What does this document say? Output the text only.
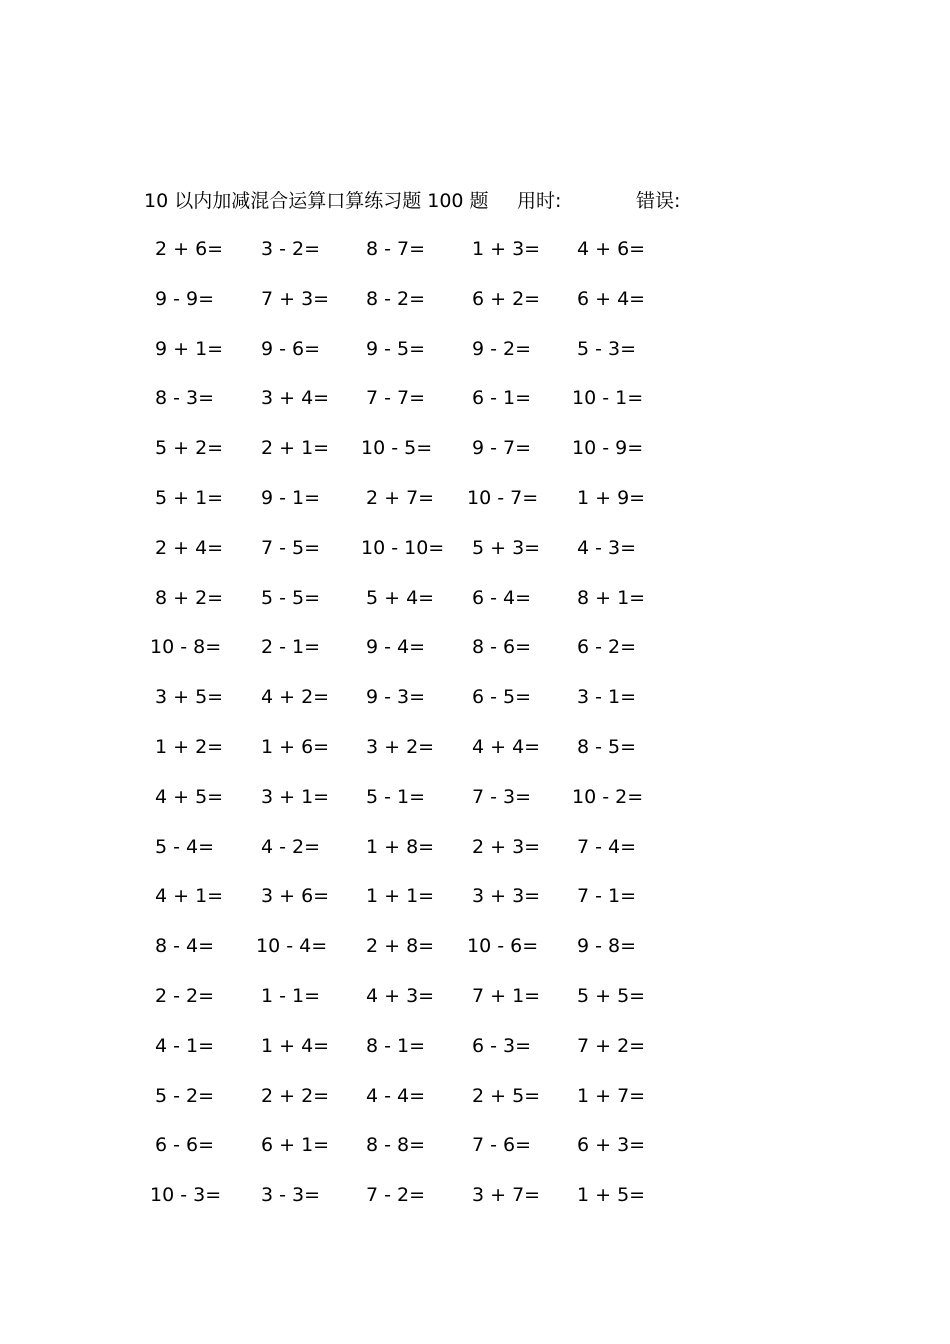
10 以内加减混合运算口算练习题 100 题 用时:	错误:
2 + 6= 3 - 2= 8 - 7= 1 + 3= 4 + 6=
9 - 9= 7 + 3= 8 - 2= 6 + 2= 6 + 4=
9 + 1= 9 - 6= 9 - 5= 9 - 2= 5 - 3=
8 - 3= 3 + 4= 7 - 7= 6 - 1= 10 - 1=
5 + 2= 2 + 1= 10 - 5= 9 - 7= 10 - 9=
5 + 1= 9 - 1= 2 + 7= 10 - 7= 1 + 9=
2 + 4= 7 - 5= 10 - 10= 5 + 3= 4 - 3=
8 + 2= 5 - 5= 5 + 4= 6 - 4= 8 + 1=
10 - 8= 2 - 1= 9 - 4= 8 - 6= 6 - 2=
3 + 5= 4 + 2= 9 - 3= 6 - 5= 3 - 1=
1 + 2= 1 + 6= 3 + 2= 4 + 4= 8 - 5=
4 + 5= 3 + 1= 5 - 1= 7 - 3= 10 - 2=
5 - 4= 4 - 2= 1 + 8= 2 + 3= 7 - 4=
4 + 1= 3 + 6= 1 + 1= 3 + 3= 7 - 1=
8 - 4= 10 - 4= 2 + 8= 10 - 6= 9 - 8=
2 - 2= 1 - 1= 4 + 3= 7 + 1= 5 + 5=
4 - 1= 1 + 4= 8 - 1= 6 - 3= 7 + 2=
5 - 2= 2 + 2= 4 - 4= 2 + 5= 1 + 7=
6 - 6= 6 + 1= 8 - 8= 7 - 6= 6 + 3=
10 - 3= 3 - 3= 7 - 2= 3 + 7= 1 + 5=
